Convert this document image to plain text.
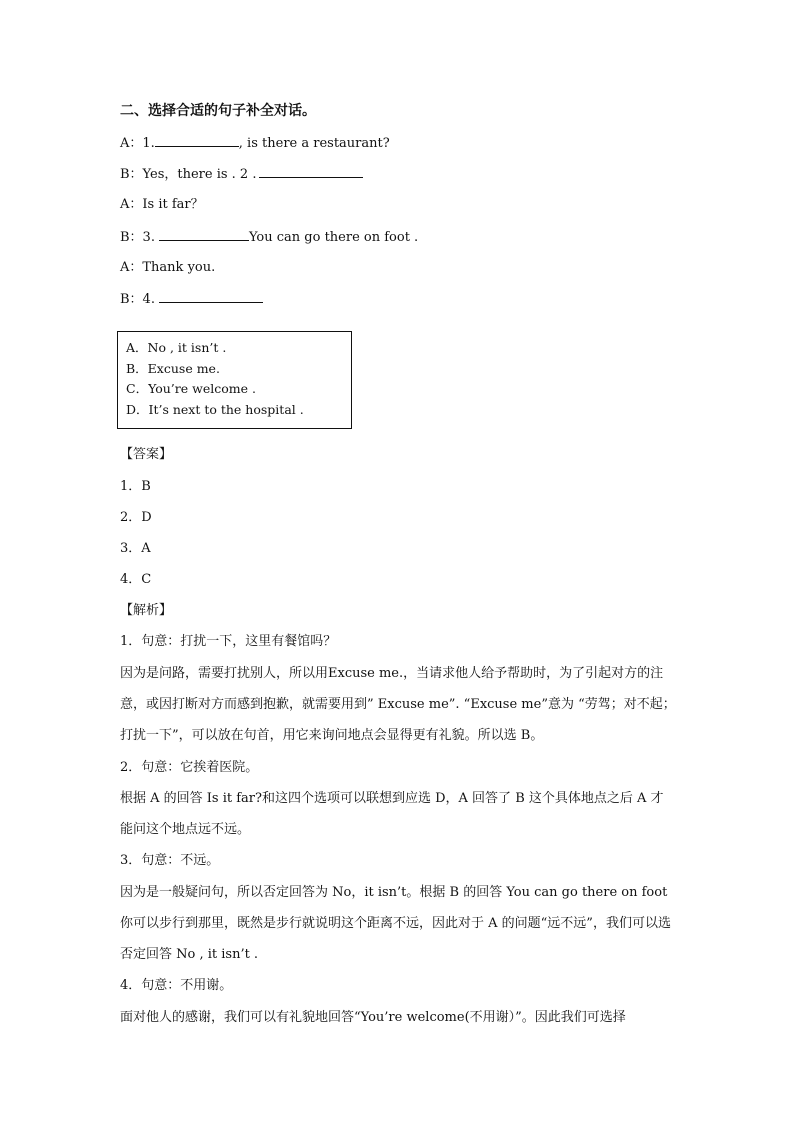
二、选择合适的句子补全对话。
A：1.	, is there a restaurant?
B：Yes，there is . 2 .
A：Is it far？
B：3.	You can go there on foot .
A：Thank you.
B：4.
A．No , it isn’t .
B．Excuse me.
C．You’re welcome .
D．It’s next to the hospital .
【答案】
1．B
2．D
3．A
4．C
【解析】
1．句意：打扰一下，这里有餐馆吗？
因为是问路，需要打扰别人，所以用Excuse me.，当请求他人给予帮助时，为了引起对方的注意，或因打断对方而感到抱歉，就需要用到” Excuse me”. “Excuse me”意为 “劳驾；对不起；打扰一下”，可以放在句首，用它来询问地点会显得更有礼貌。所以选 B。
2．句意：它挨着医院。
根据 A 的回答 Is it far?和这四个选项可以联想到应选 D，A 回答了 B 这个具体地点之后 A 才能问这个地点远不远。
3．句意：不远。
因为是一般疑问句，所以否定回答为 No，it isn’t。根据 B 的回答 You can go there on foot 你可以步行到那里，既然是步行就说明这个距离不远，因此对于 A 的问题“远不远”，我们可以选否定回答 No , it isn’t .
4．句意：不用谢。
面对他人的感谢，我们可以有礼貌地回答“You’re welcome(不用谢）”。因此我们可选择
